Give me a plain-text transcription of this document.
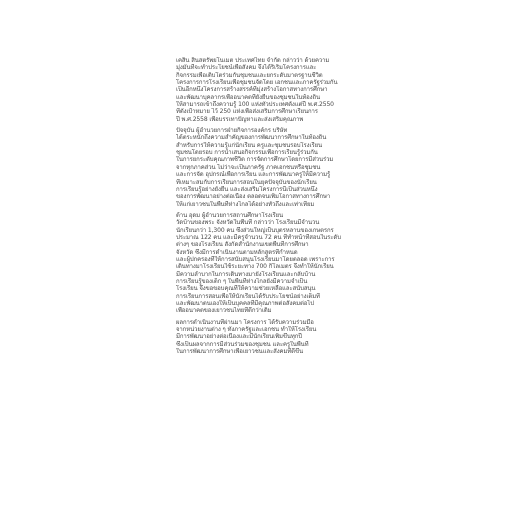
เคสิน สินสตรัพยโนเมต ประเทศไทย จำกัด กล่าวว่า ด้วยความ
มุ่งมั่นที่จะทำประโยชน์เพื่อสังคม จึงได้ริเริ่มโครงการและ
กิจกรรมเพื่อเติบโตร่วมกันชุมชนและยกระดับมาตรฐานชีวิต
โครงการการโรงเรียนเพื่อชุมชนจัดโดย เอกชนและภาครัฐร่วมกัน
เป็นอีกหนึ่งโครงการสร้างสรรค์ที่มุ่งสร้างโอกาสทางการศึกษา
และพัฒนาบุคลากรเพื่ออนาคตที่ยั่งยืนของชุมชนในท้องถิ่น
ให้สามารถเข้าถึงความรู้ 100 แห่งทั่วประเทศตั้งแต่ปี พ.ศ.2550
ที่ตั้งเป้าหมาย ไว้ 250 แห่งเพื่อส่งเสริมการศึกษาเรียนการ
ปี พ.ศ.2558 เพื่อบรรเทาปัญหาและส่งเสริมคุณภาพ
ปัจจุบัน ผู้อำนวยการฝ่ายกิจการองค์กร บริษัท
ได้ตระหนักถึงความสำคัญของการพัฒนาการศึกษาในท้องถิ่น
สำหรับการให้ความรู้แก่นักเรียน ครูและชุมชนรอบโรงเรียน
ชุมชนโดยรอบ การนำเสนอกิจกรรมเพื่อการเรียนรู้ร่วมกัน
ในการยกระดับคุณภาพชีวิต การจัดการศึกษาโดยการมีส่วนร่วม
จากทุกภาคส่วน ไม่ว่าจะเป็นภาครัฐ ภาคเอกชนหรือชุมชน
และการจัด อุปกรณ์เพื่อการเรียน และการพัฒนาครูให้มีความรู้
ที่เหมาะสมกับการเรียนการสอนในยุคปัจจุบันของนักเรียน
การเรียนรู้อย่างยั่งยืน และส่งเสริมโครงการนี้เป็นส่วนหนึ่ง
ของการพัฒนาอย่างต่อเนื่อง ตลอดจนเพิ่มโอกาสทางการศึกษา
ให้แก่เยาวชนในพื้นที่ห่างไกลได้อย่างทั่วถึงและเท่าเทียม
ด้าน อุดม ผู้อำนวยการสถานศึกษาโรงเรียน
วัดบ้านของพระ จังหวัดในพื้นที่ กล่าวว่า โรงเรียนมีจำนวน
นักเรียนกว่า 1,300 คน ซึ่งส่วนใหญ่เป็นบุตรหลานของเกษตรกร
ประมาณ 122 คน และมีครูจำนวน 72 คน ที่ทำหน้าที่สอนในระดับ
ต่างๆ ของโรงเรียน สังกัดสำนักงานเขตพื้นที่การศึกษา
จังหวัด ซึ่งมีการดำเนินงานตามหลักสูตรที่กำหนด
และผู้ปกครองที่ให้การสนับสนุนโรงเรียนมาโดยตลอด เพราะการ
เดินทางมาโรงเรียนใช้ระยะทาง 700 กิโลเมตร จึงทำให้นักเรียน
มีความลำบากในการเดินทางมายังโรงเรียนและกลับบ้าน
การเรียนรู้ของเด็ก ๆ ในพื้นที่ห่างไกลยังมีความจำเป็น
โรงเรียน จึงขอขอบคุณที่ให้ความช่วยเหลือและสนับสนุน
การเรียนการสอนเพื่อให้นักเรียนได้รับประโยชน์อย่างเต็มที่
และพัฒนาตนเองให้เป็นบุคคลที่มีคุณภาพต่อสังคมต่อไป
เพื่ออนาคตของเยาวชนไทยที่ดีกว่าเดิม
ผลการดำเนินงานที่ผ่านมา โครงการ ได้รับความร่วมมือ
จากหน่วยงานต่าง ๆ ทั้งภาครัฐและเอกชน ทำให้โรงเรียน
มีการพัฒนาอย่างต่อเนื่องและมีนักเรียนเพิ่มขึ้นทุกปี
ซึ่งเป็นผลจากการมีส่วนร่วมของชุมชน และครูในพื้นที่
ในการพัฒนาการศึกษาเพื่อเยาวชนและสังคมที่ดีขึ้น
